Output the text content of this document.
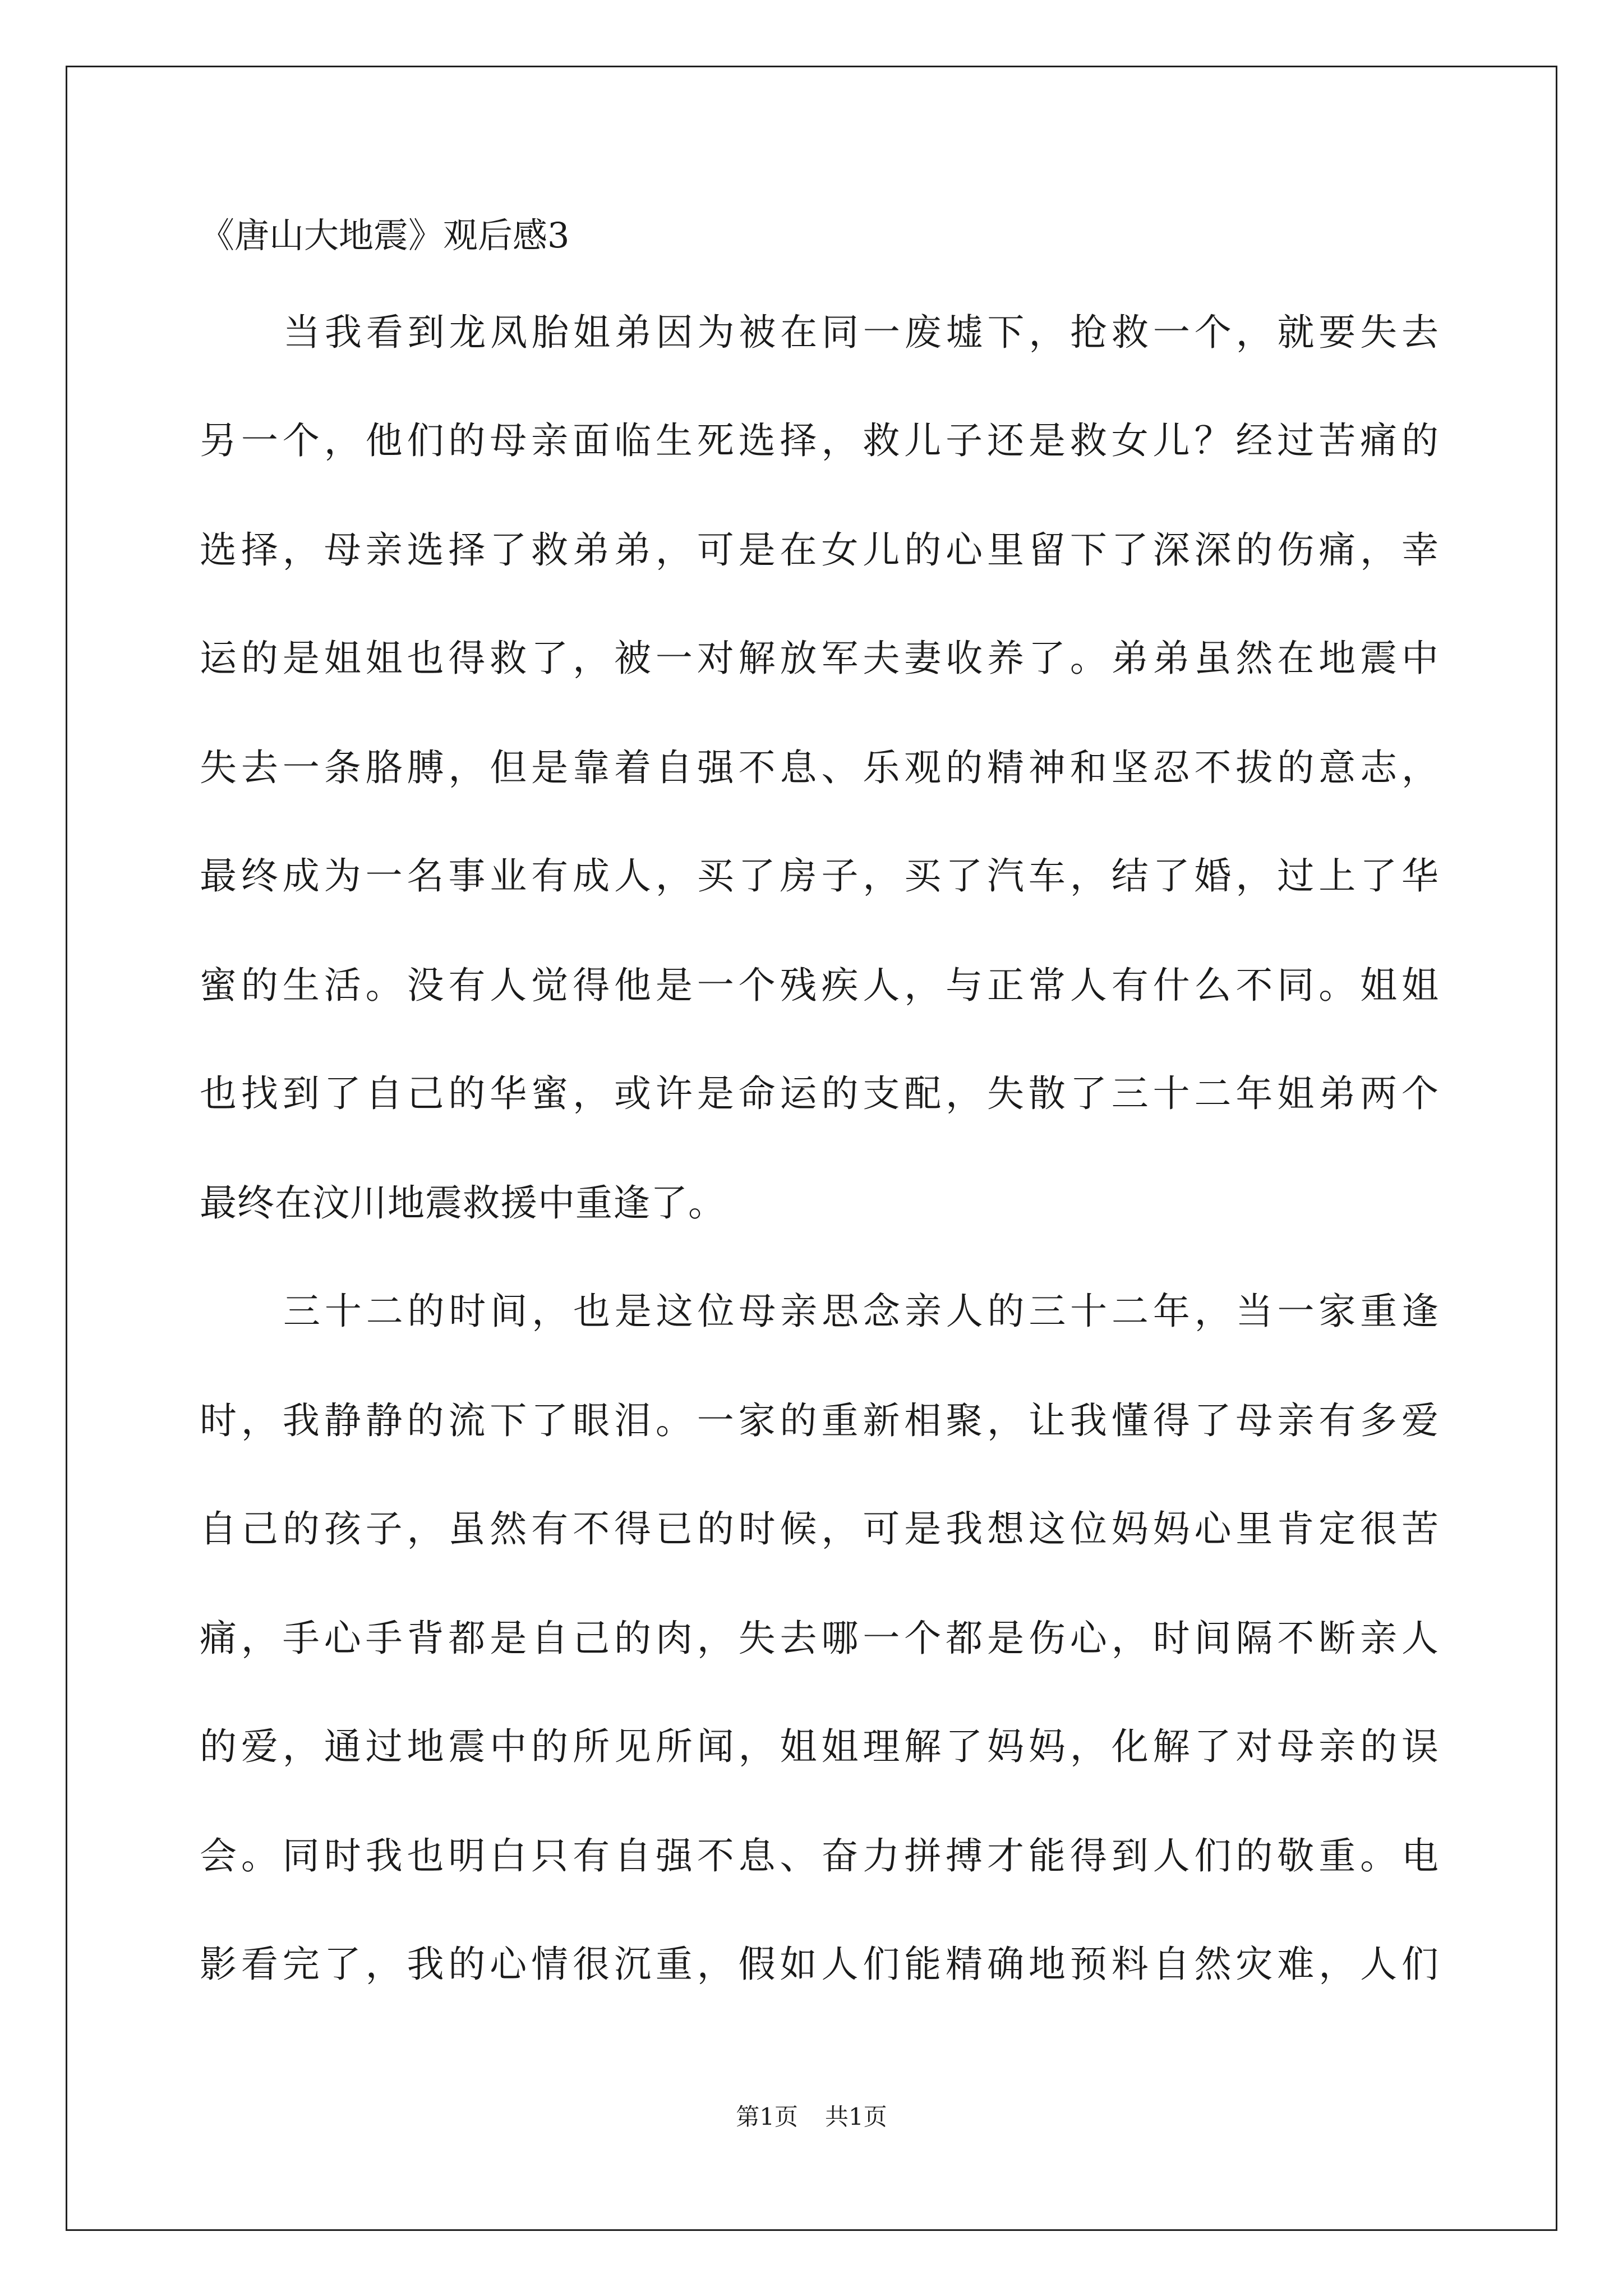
《唐山大地震》观后感3
当我看到龙凤胎姐弟因为被在同一废墟下，抢救一个，就要失去
另一个，他们的母亲面临生死选择，救儿子还是救女儿？经过苦痛的
选择，母亲选择了救弟弟，可是在女儿的心里留下了深深的伤痛，幸
运的是姐姐也得救了，被一对解放军夫妻收养了。弟弟虽然在地震中
失去一条胳膊，但是靠着自强不息、乐观的精神和坚忍不拔的意志，
最终成为一名事业有成人，买了房子，买了汽车，结了婚，过上了华
蜜的生活。没有人觉得他是一个残疾人，与正常人有什么不同。姐姐
也找到了自己的华蜜，或许是命运的支配，失散了三十二年姐弟两个
最终在汶川地震救援中重逢了。
三十二的时间，也是这位母亲思念亲人的三十二年，当一家重逢
时，我静静的流下了眼泪。一家的重新相聚，让我懂得了母亲有多爱
自己的孩子，虽然有不得已的时候，可是我想这位妈妈心里肯定很苦
痛，手心手背都是自己的肉，失去哪一个都是伤心，时间隔不断亲人
的爱，通过地震中的所见所闻，姐姐理解了妈妈，化解了对母亲的误
会。同时我也明白只有自强不息、奋力拼搏才能得到人们的敬重。电
影看完了，我的心情很沉重，假如人们能精确地预料自然灾难，人们
第1页 共1页
